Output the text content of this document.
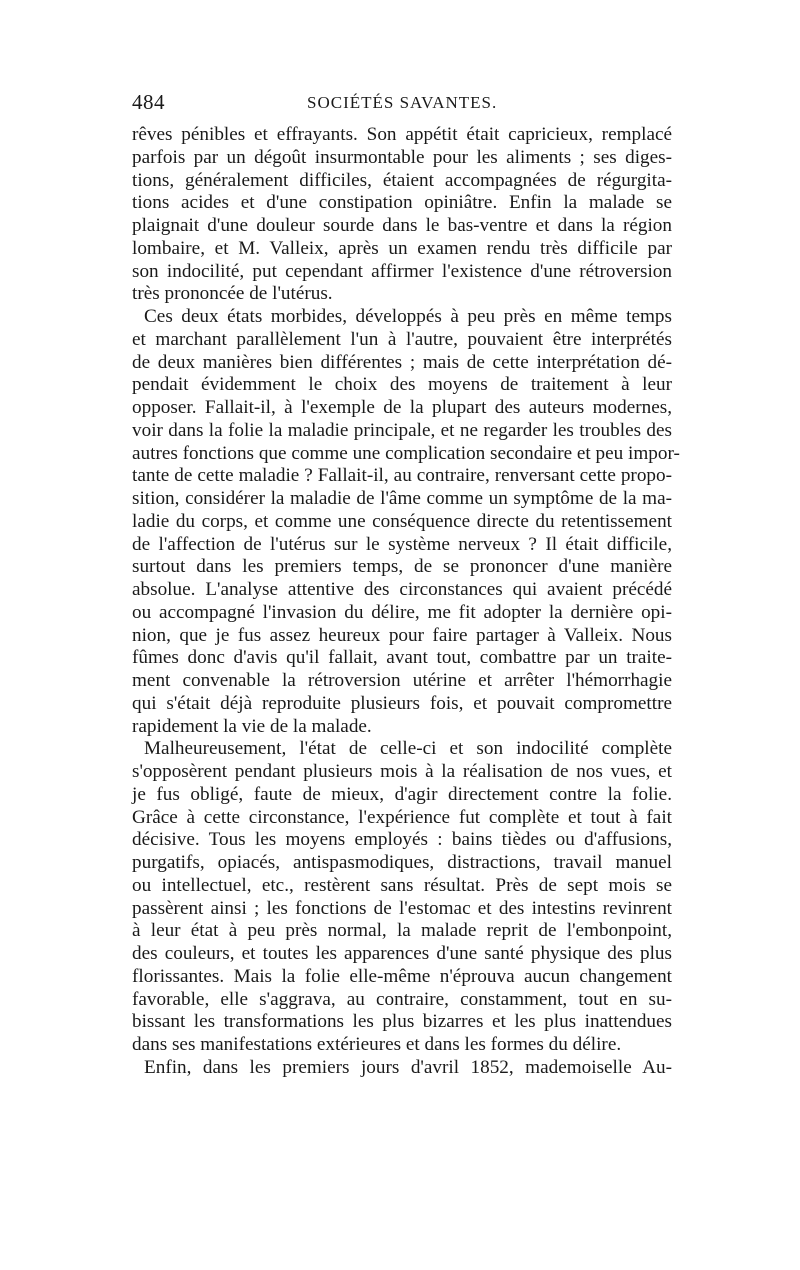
484	SOCIÉTÉS SAVANTES.
rêves pénibles et effrayants. Son appétit était capricieux, remplacé
parfois par un dégoût insurmontable pour les aliments ; ses diges-
tions, généralement difficiles, étaient accompagnées de régurgita-
tions acides et d'une constipation opiniâtre. Enfin la malade se
plaignait d'une douleur sourde dans le bas-ventre et dans la région
lombaire, et M. Valleix, après un examen rendu très difficile par
son indocilité, put cependant affirmer l'existence d'une rétroversion
très prononcée de l'utérus.
Ces deux états morbides, développés à peu près en même temps
et marchant parallèlement l'un à l'autre, pouvaient être interprétés
de deux manières bien différentes ; mais de cette interprétation dé-
pendait évidemment le choix des moyens de traitement à leur
opposer. Fallait-il, à l'exemple de la plupart des auteurs modernes,
voir dans la folie la maladie principale, et ne regarder les troubles des
autres fonctions que comme une complication secondaire et peu impor-
tante de cette maladie ? Fallait-il, au contraire, renversant cette propo-
sition, considérer la maladie de l'âme comme un symptôme de la ma-
ladie du corps, et comme une conséquence directe du retentissement
de l'affection de l'utérus sur le système nerveux ? Il était difficile,
surtout dans les premiers temps, de se prononcer d'une manière
absolue. L'analyse attentive des circonstances qui avaient précédé
ou accompagné l'invasion du délire, me fit adopter la dernière opi-
nion, que je fus assez heureux pour faire partager à Valleix. Nous
fûmes donc d'avis qu'il fallait, avant tout, combattre par un traite-
ment convenable la rétroversion utérine et arrêter l'hémorrhagie
qui s'était déjà reproduite plusieurs fois, et pouvait compromettre
rapidement la vie de la malade.
Malheureusement, l'état de celle-ci et son indocilité complète
s'opposèrent pendant plusieurs mois à la réalisation de nos vues, et
je fus obligé, faute de mieux, d'agir directement contre la folie.
Grâce à cette circonstance, l'expérience fut complète et tout à fait
décisive. Tous les moyens employés : bains tièdes ou d'affusions,
purgatifs, opiacés, antispasmodiques, distractions, travail manuel
ou intellectuel, etc., restèrent sans résultat. Près de sept mois se
passèrent ainsi ; les fonctions de l'estomac et des intestins revinrent
à leur état à peu près normal, la malade reprit de l'embonpoint,
des couleurs, et toutes les apparences d'une santé physique des plus
florissantes. Mais la folie elle-même n'éprouva aucun changement
favorable, elle s'aggrava, au contraire, constamment, tout en su-
bissant les transformations les plus bizarres et les plus inattendues
dans ses manifestations extérieures et dans les formes du délire.
Enfin, dans les premiers jours d'avril 1852, mademoiselle Au-
